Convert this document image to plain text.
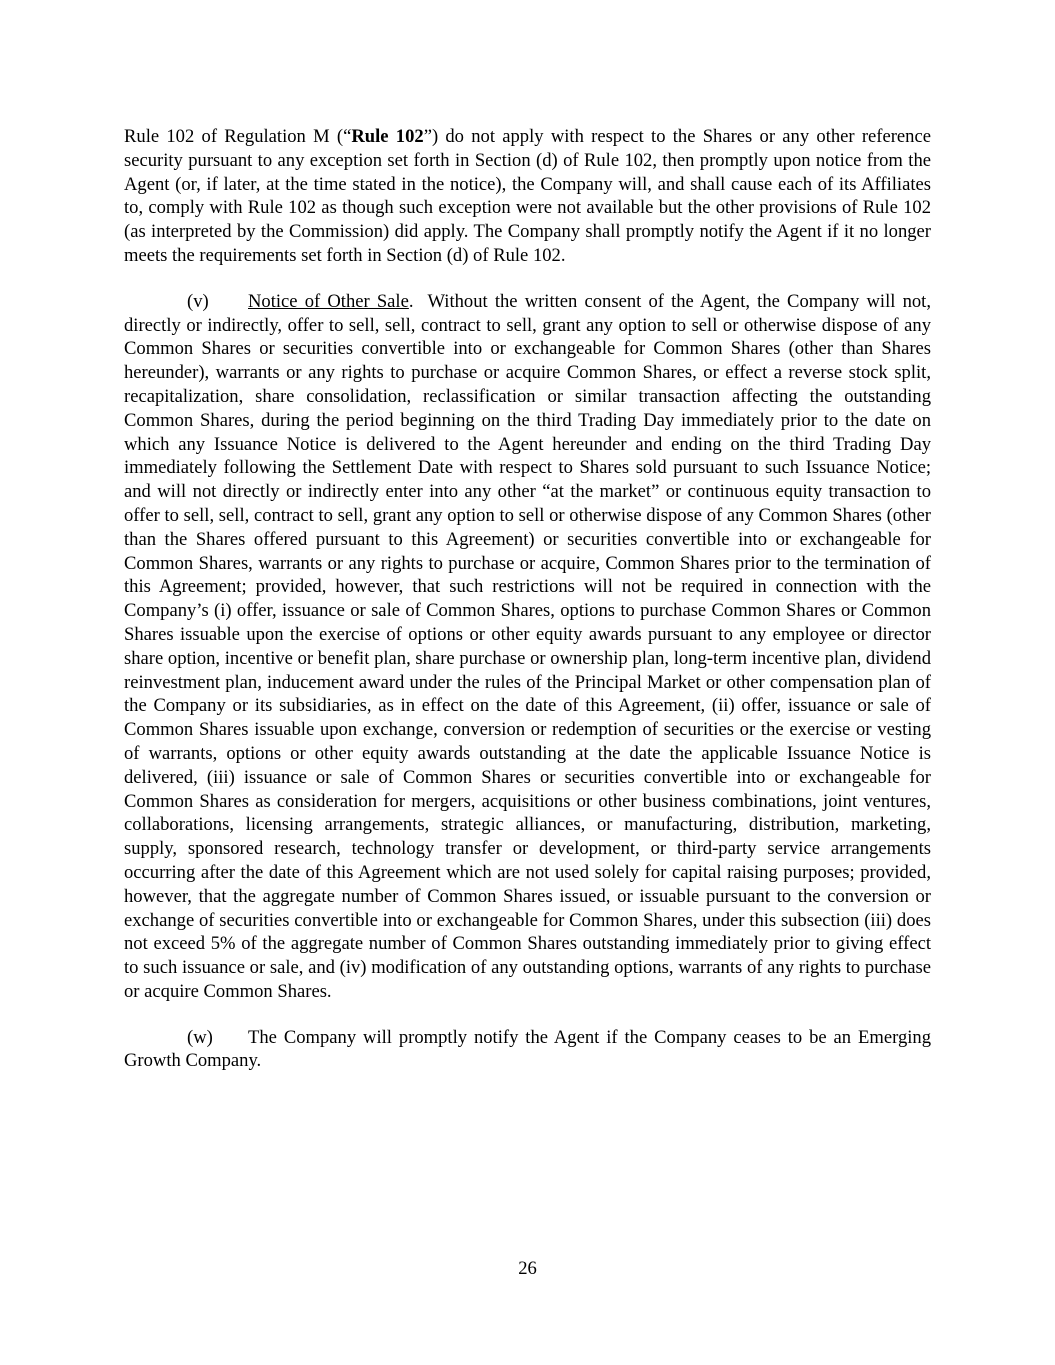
Rule 102 of Regulation M (“Rule 102”) do not apply with respect to the Shares or any other reference security pursuant to any exception set forth in Section (d) of Rule 102, then promptly upon notice from the Agent (or, if later, at the time stated in the notice), the Company will, and shall cause each of its Affiliates to, comply with Rule 102 as though such exception were not available but the other provisions of Rule 102 (as interpreted by the Commission) did apply. The Company shall promptly notify the Agent if it no longer meets the requirements set forth in Section (d) of Rule 102.

(v) Notice of Other Sale.  Without the written consent of the Agent, the Company will not, directly or indirectly, offer to sell, sell, contract to sell, grant any option to sell or otherwise dispose of any Common Shares or securities convertible into or exchangeable for Common Shares (other than Shares hereunder), warrants or any rights to purchase or acquire Common Shares, or effect a reverse stock split, recapitalization, share consolidation, reclassification or similar transaction affecting the outstanding Common Shares, during the period beginning on the third Trading Day immediately prior to the date on which any Issuance Notice is delivered to the Agent hereunder and ending on the third Trading Day immediately following the Settlement Date with respect to Shares sold pursuant to such Issuance Notice; and will not directly or indirectly enter into any other “at the market” or continuous equity transaction to offer to sell, sell, contract to sell, grant any option to sell or otherwise dispose of any Common Shares (other than the Shares offered pursuant to this Agreement) or securities convertible into or exchangeable for Common Shares, warrants or any rights to purchase or acquire, Common Shares prior to the termination of this Agreement; provided, however, that such restrictions will not be required in connection with the Company’s (i) offer, issuance or sale of Common Shares, options to purchase Common Shares or Common Shares issuable upon the exercise of options or other equity awards pursuant to any employee or director share option, incentive or benefit plan, share purchase or ownership plan, long-term incentive plan, dividend reinvestment plan, inducement award under the rules of the Principal Market or other compensation plan of the Company or its subsidiaries, as in effect on the date of this Agreement, (ii) offer, issuance or sale of Common Shares issuable upon exchange, conversion or redemption of securities or the exercise or vesting of warrants, options or other equity awards outstanding at the date the applicable Issuance Notice is delivered, (iii) issuance or sale of Common Shares or securities convertible into or exchangeable for Common Shares as consideration for mergers, acquisitions or other business combinations, joint ventures, collaborations, licensing arrangements, strategic alliances, or manufacturing, distribution, marketing, supply, sponsored research, technology transfer or development, or third-party service arrangements occurring after the date of this Agreement which are not used solely for capital raising purposes; provided, however, that the aggregate number of Common Shares issued, or issuable pursuant to the conversion or exchange of securities convertible into or exchangeable for Common Shares, under this subsection (iii) does not exceed 5% of the aggregate number of Common Shares outstanding immediately prior to giving effect to such issuance or sale, and (iv) modification of any outstanding options, warrants of any rights to purchase or acquire Common Shares.

(w) The Company will promptly notify the Agent if the Company ceases to be an Emerging Growth Company.

26
